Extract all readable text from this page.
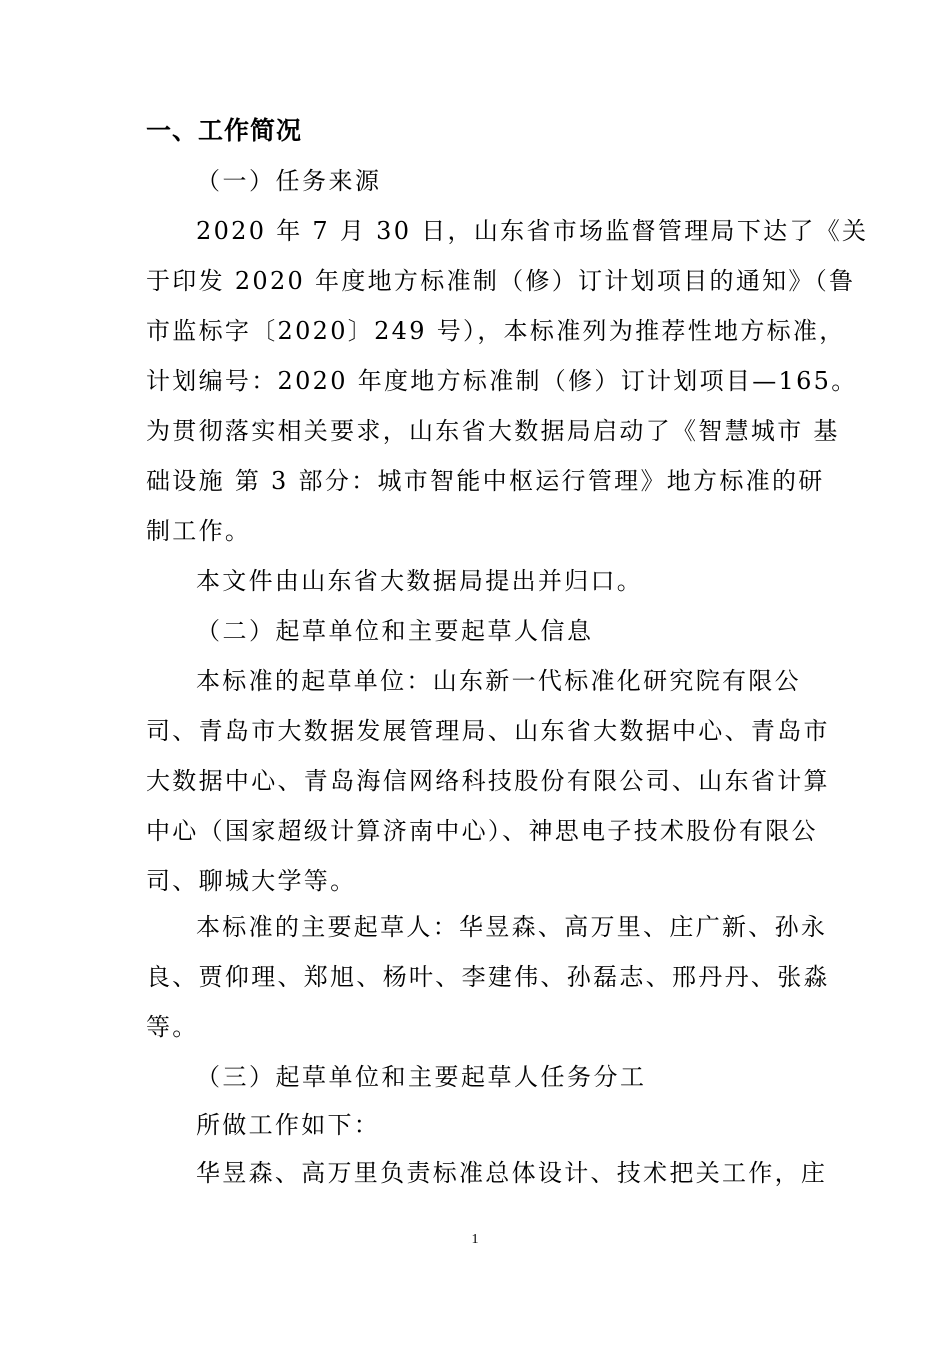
一、工作简况
（一）任务来源
2020 年 7 月 30 日，山东省市场监督管理局下达了《关
于印发 2020 年度地方标准制（修）订计划项目的通知》（鲁
市监标字〔2020〕249 号），本标准列为推荐性地方标准，
计划编号：2020 年度地方标准制（修）订计划项目—165。
为贯彻落实相关要求，山东省大数据局启动了《智慧城市 基
础设施 第 3 部分：城市智能中枢运行管理》地方标准的研
制工作。
本文件由山东省大数据局提出并归口。
（二）起草单位和主要起草人信息
本标准的起草单位：山东新一代标准化研究院有限公
司、青岛市大数据发展管理局、山东省大数据中心、青岛市
大数据中心、青岛海信网络科技股份有限公司、山东省计算
中心（国家超级计算济南中心）、神思电子技术股份有限公
司、聊城大学等。
本标准的主要起草人：华昱森、高万里、庄广新、孙永
良、贾仰理、郑旭、杨叶、李建伟、孙磊志、邢丹丹、张淼
等。
（三）起草单位和主要起草人任务分工
所做工作如下：
华昱森、高万里负责标准总体设计、技术把关工作，庄
1
